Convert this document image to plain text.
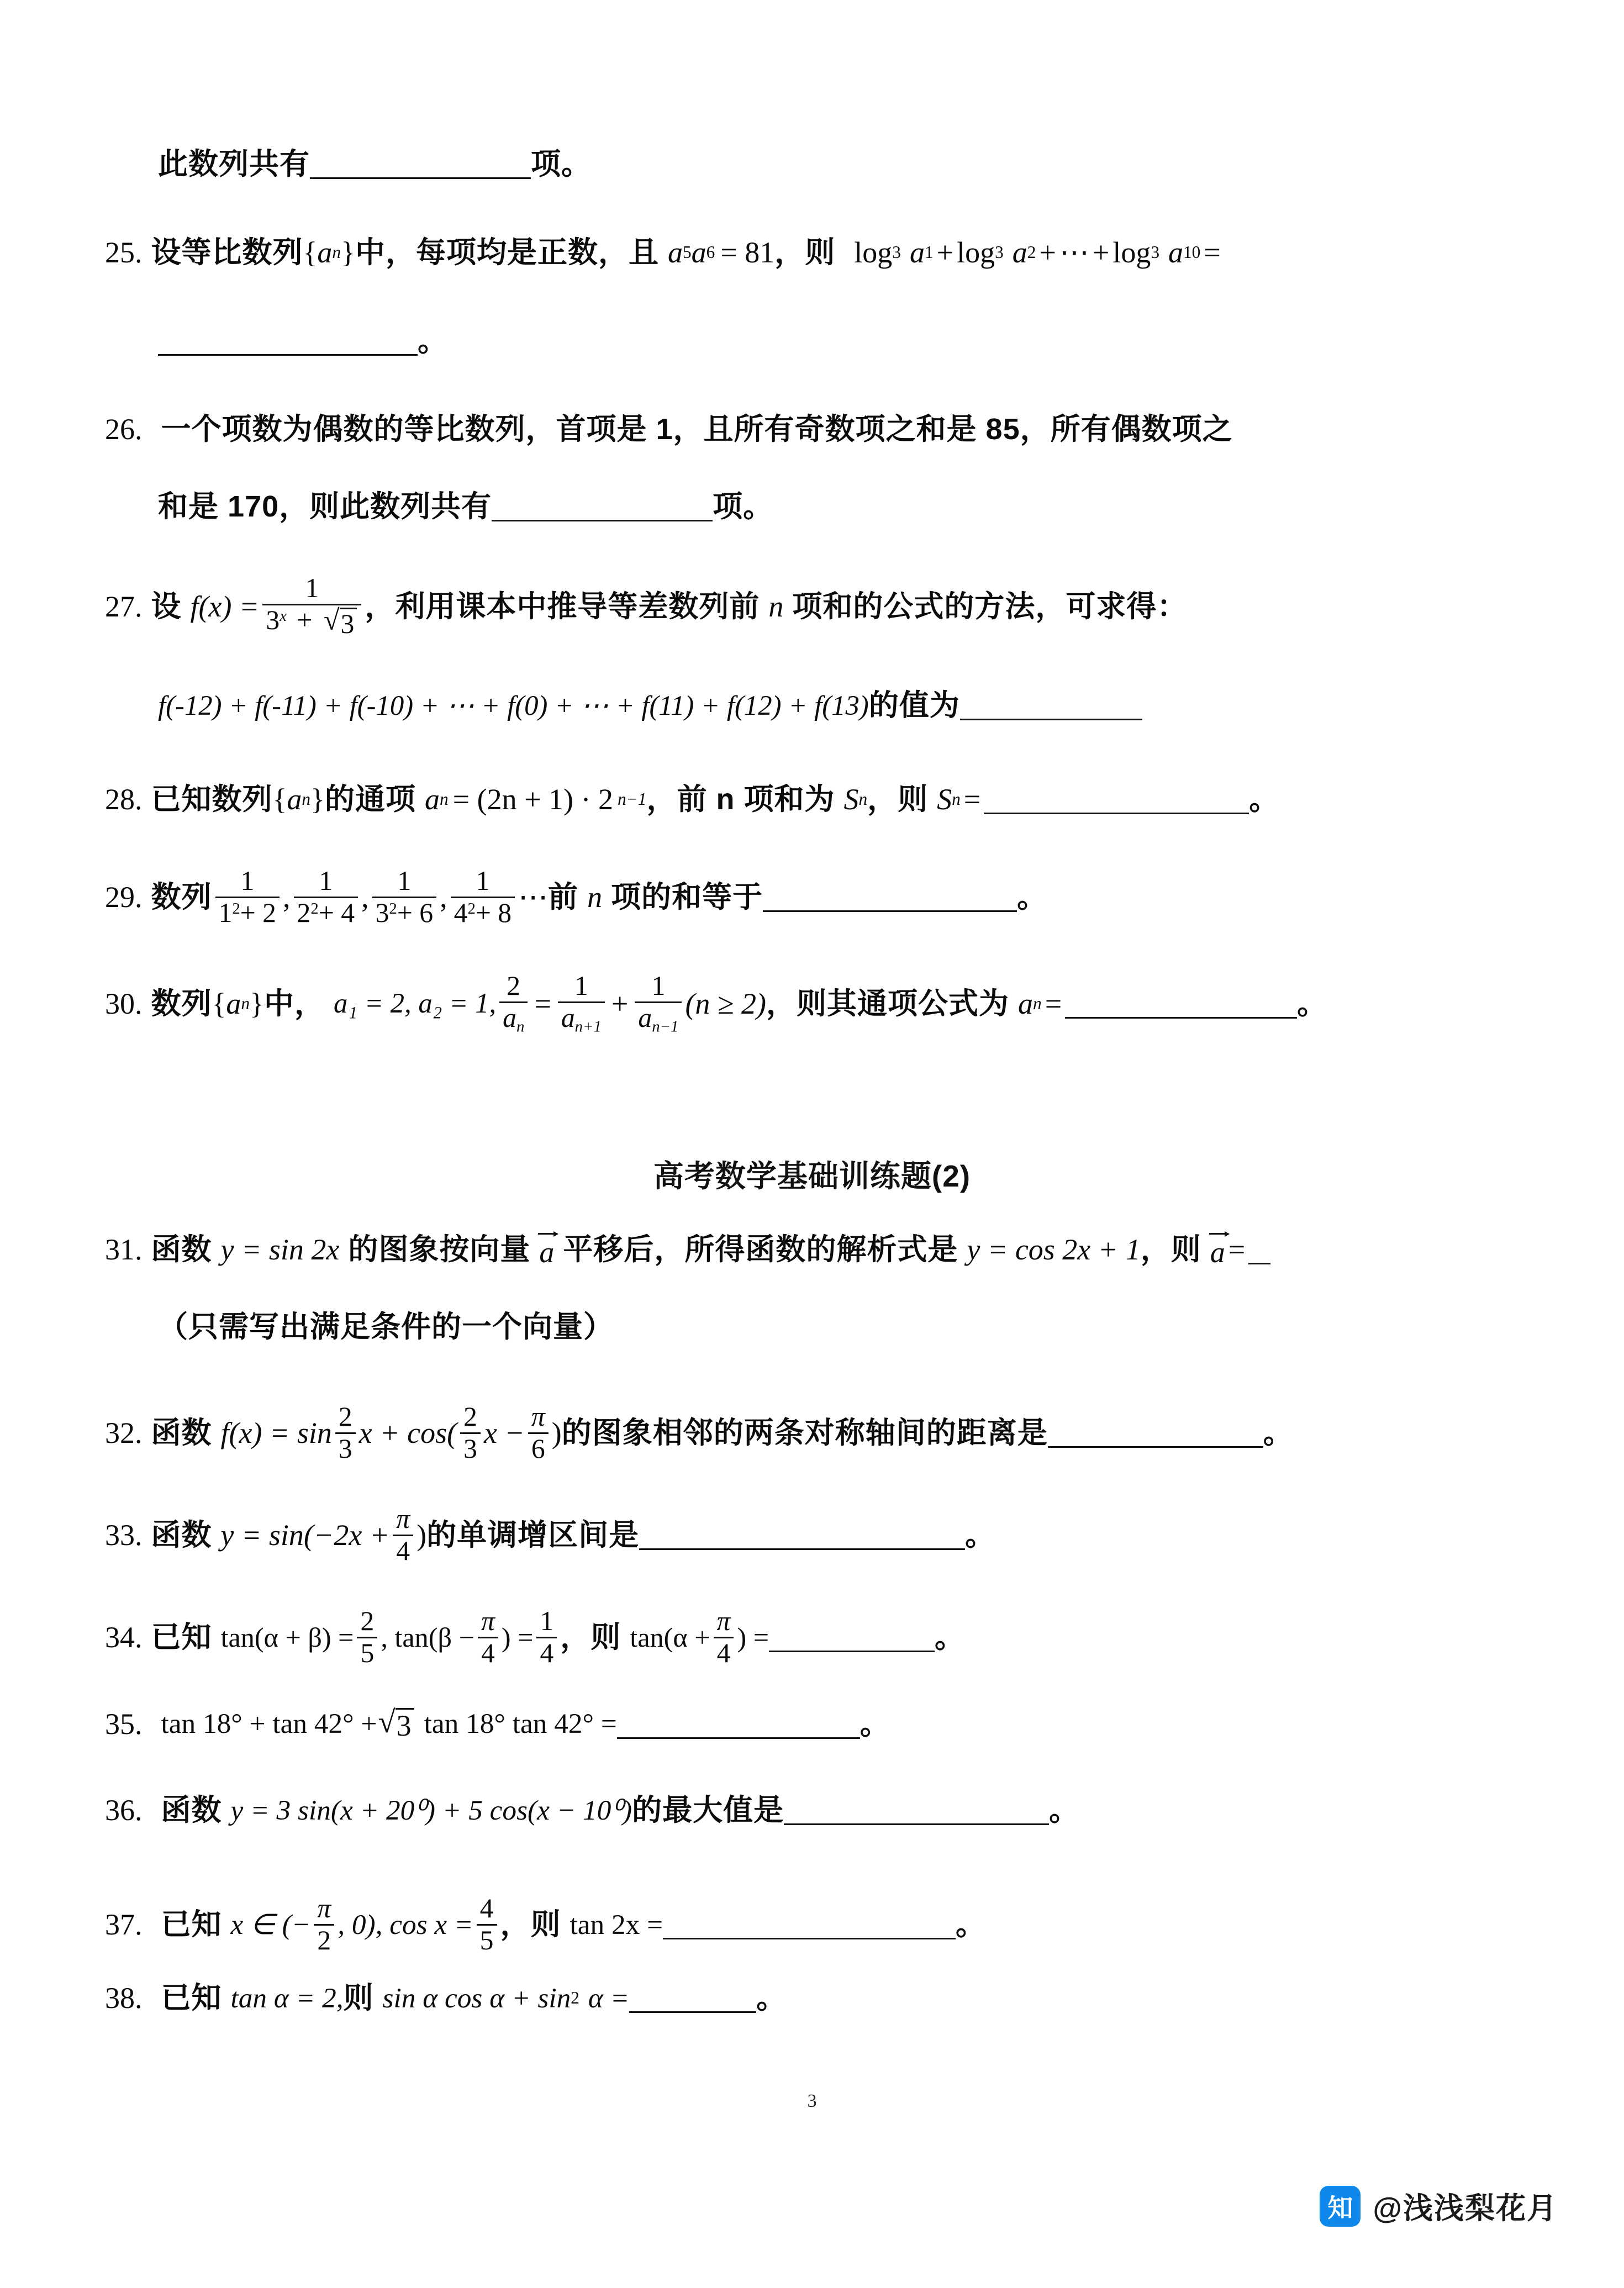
此数列共有	项。
25. 设等比数列 { a n } 中，每项均是正数，且 a 5 a 6 = 81 ， 则 log 3 a 1 + log 3 a 2 + ⋯ + log 3 a 10 =
。
26. 一个项数为偶数的等比数列，首项是 1，且所有奇数项之和是 85，所有偶数项之
和是 170，则此数列共有	项。
27. 设 $f(x) = \frac{1}{3^x + √ 3}$ ，利用课本中推导等差数列前 n 项和的公式的方法，可求得：
f(-12) + f(-11) + f(-10) + ⋯ + f(0) + ⋯ + f(11) + f(12) + f(13) 的值为
28. 已知数列 { a n } 的通项 a n = (2n + 1) · 2 n−1 ，前 n 项和为 S n ，则 S n =	。
29. 数列 $\frac{1}{1^2+ 2}$ , $\frac{1}{2^2+ 4}$ , $\frac{1}{3^2+ 6}$ , $\frac{1}{4^2+ 8}$ ⋯ 前 n 项的和等于	。
30. 数列 { a n } 中， a₁ = 2, a₂ = 1, $\frac{2}{a_n} = \frac{1}{a_{n+1}} + \frac{1}{a_{n-1}} (n \ge 2)$ ，则其通项公式为 a n =	。
高考数学基础训练题(2)
31. 函数 y = sin 2x 的图象按向量 a 平移后，所得函数的解析式是 y = cos 2x + 1 ，则 a =
（只需写出满足条件的一个向量）
32. 函数 $f(x) = \sin \frac{2}{3}$ $x + \cos( \frac{2}{3}$ $x - \frac{\pi}{6}$ ) 的图象相邻的两条对称轴间的距离是	。
33. 函数 $y = \sin(-2x + \frac{\pi}{4}$ ) 的单调增区间是	。
34. 已知 $\tan(\alpha + \beta) = \frac{2}{5}$ , $\tan(\beta - \frac{\pi}{4}$ ) = $\frac{1}{4}$ ，则 $\tan(\alpha + \frac{\pi}{4}$ ) =	。
35. tan 18° + tan 42° + √ 3 tan 18° tan 42° =	。
36. 函数 y = 3 sin(x + 20⁰) + 5 cos(x − 10⁰) 的最大值是	。
37. 已知 x ∈ (− $\frac{\pi}{2}$ , 0), $\cos x = \frac{4}{5}$ ，则 tan 2x =	。
38. 已知 tan α = 2, 则 sin α cos α + sin 2 α =	。
3
知 @浅浅梨花月
